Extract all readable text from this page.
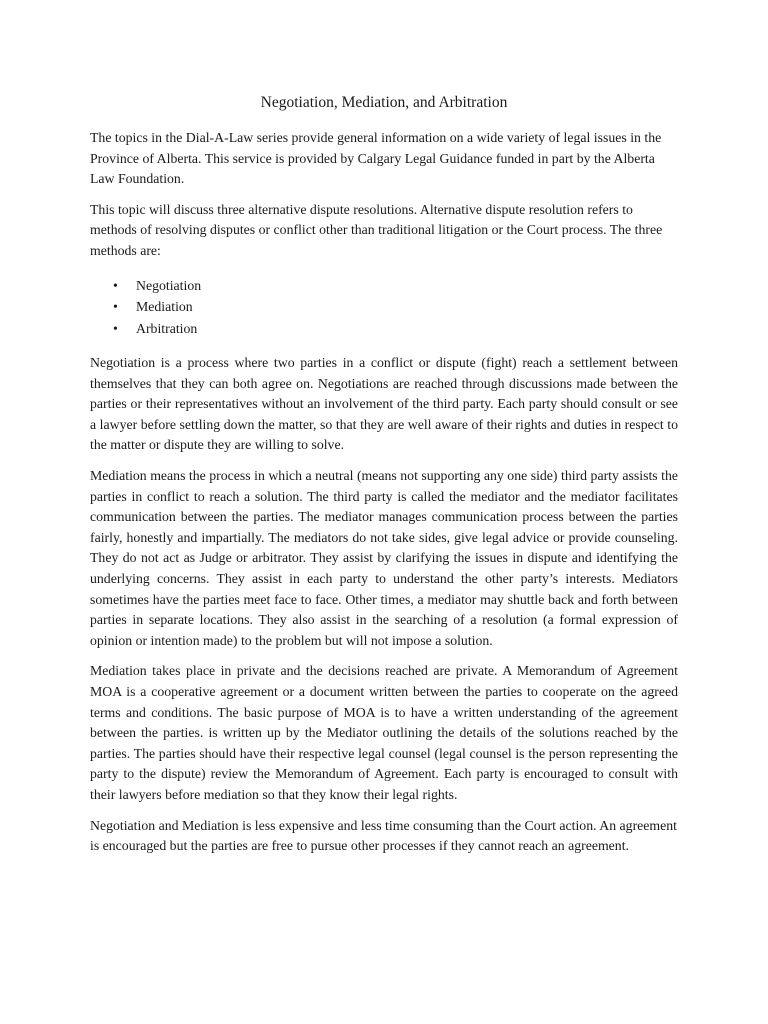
Negotiation, Mediation, and Arbitration

The topics in the Dial-A-Law series provide general information on a wide variety of legal issues in the Province of Alberta. This service is provided by Calgary Legal Guidance funded in part by the Alberta Law Foundation.

This topic will discuss three alternative dispute resolutions. Alternative dispute resolution refers to methods of resolving disputes or conflict other than traditional litigation or the Court process. The three methods are:

• Negotiation
• Mediation
• Arbitration

Negotiation is a process where two parties in a conflict or dispute (fight) reach a settlement between themselves that they can both agree on. Negotiations are reached through discussions made between the parties or their representatives without an involvement of the third party. Each party should consult or see a lawyer before settling down the matter, so that they are well aware of their rights and duties in respect to the matter or dispute they are willing to solve.

Mediation means the process in which a neutral (means not supporting any one side) third party assists the parties in conflict to reach a solution. The third party is called the mediator and the mediator facilitates communication between the parties. The mediator manages communication process between the parties fairly, honestly and impartially. The mediators do not take sides, give legal advice or provide counseling. They do not act as Judge or arbitrator. They assist by clarifying the issues in dispute and identifying the underlying concerns. They assist in each party to understand the other party’s interests. Mediators sometimes have the parties meet face to face. Other times, a mediator may shuttle back and forth between parties in separate locations. They also assist in the searching of a resolution (a formal expression of opinion or intention made) to the problem but will not impose a solution.

Mediation takes place in private and the decisions reached are private. A Memorandum of Agreement MOA is a cooperative agreement or a document written between the parties to cooperate on the agreed terms and conditions. The basic purpose of MOA is to have a written understanding of the agreement between the parties. is written up by the Mediator outlining the details of the solutions reached by the parties. The parties should have their respective legal counsel (legal counsel is the person representing the party to the dispute) review the Memorandum of Agreement. Each party is encouraged to consult with their lawyers before mediation so that they know their legal rights.

Negotiation and Mediation is less expensive and less time consuming than the Court action. An agreement is encouraged but the parties are free to pursue other processes if they cannot reach an agreement.
